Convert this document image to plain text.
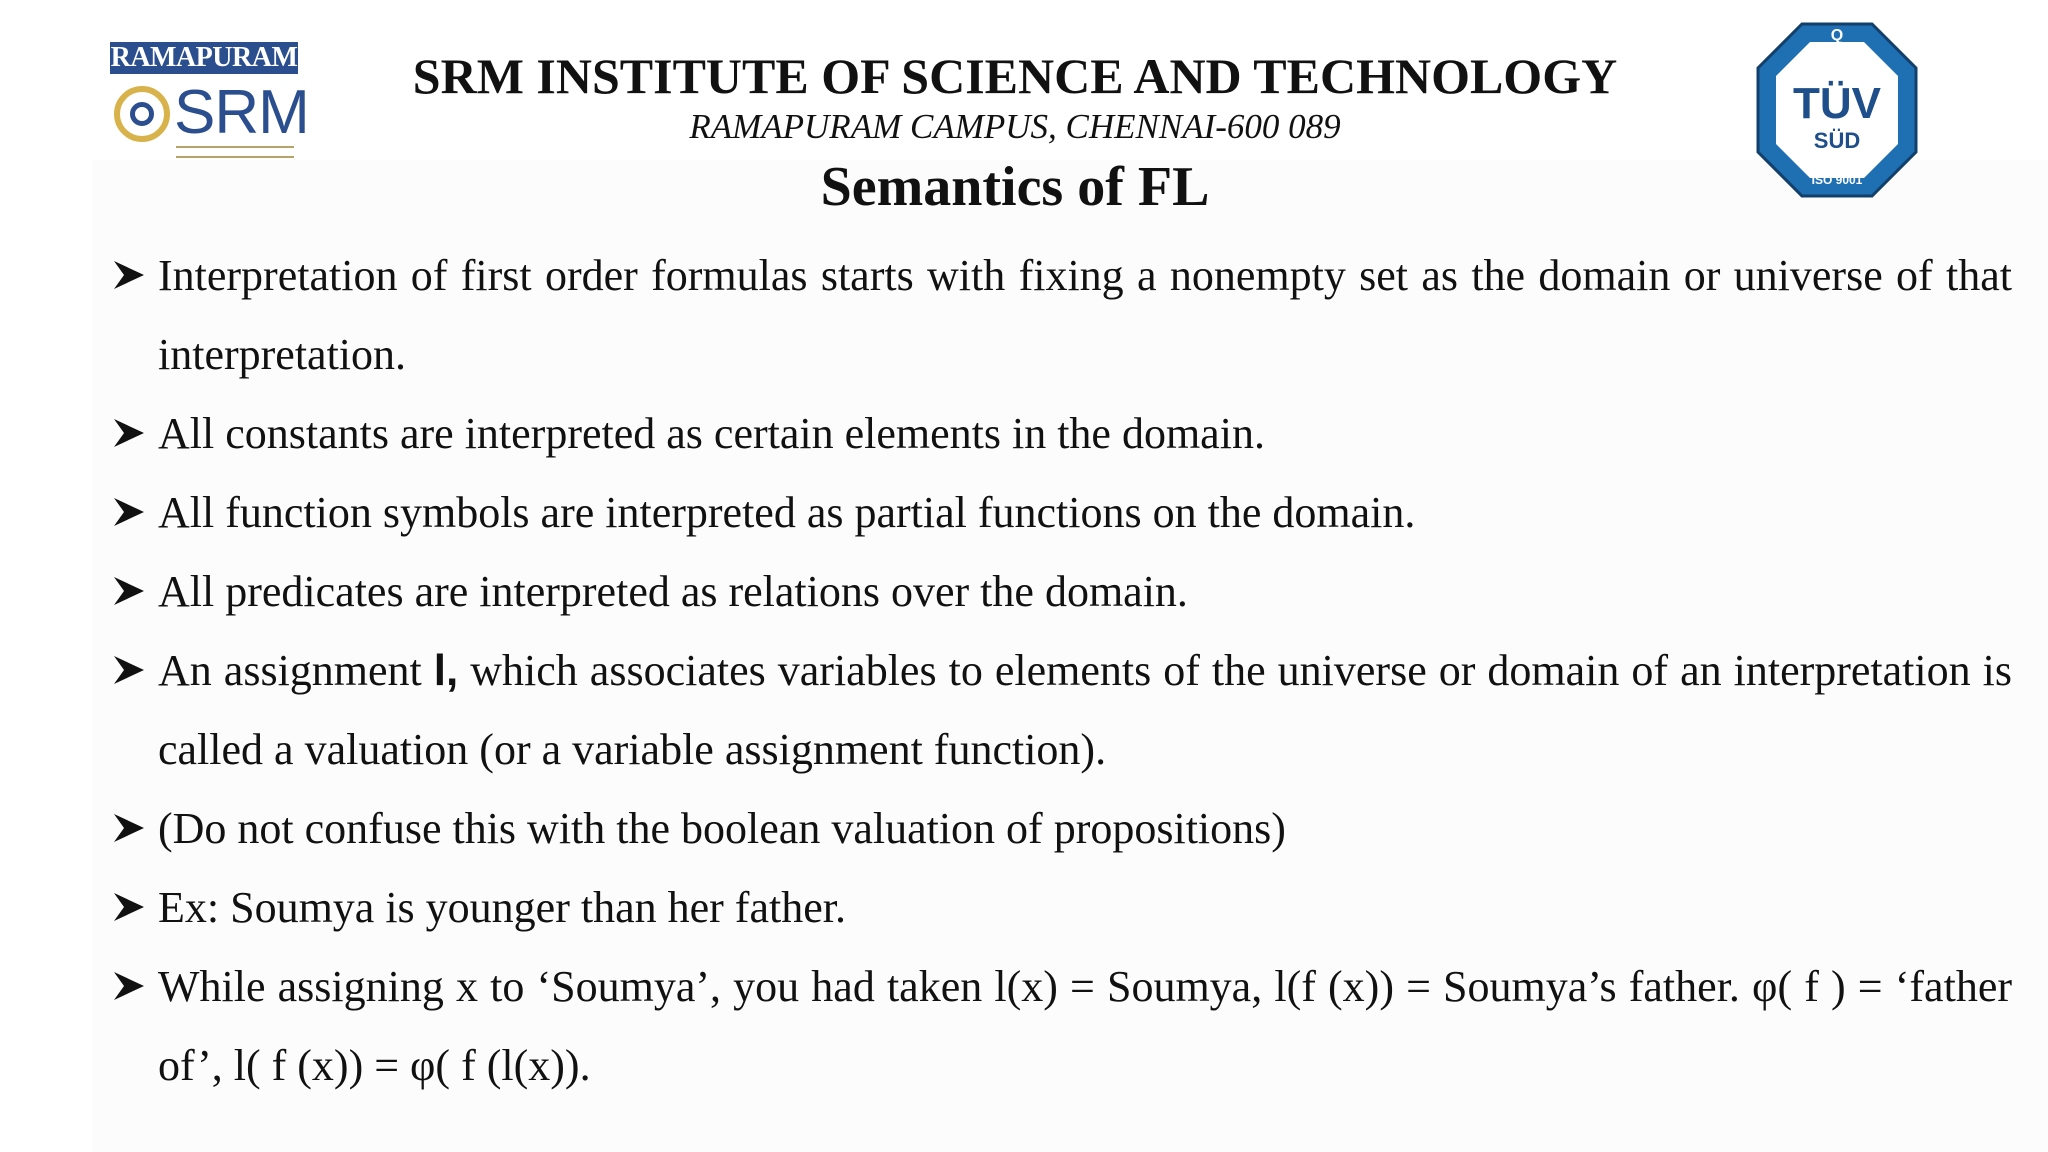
RAMAPURAM
SRM
SRM INSTITUTE OF SCIENCE AND TECHNOLOGY
RAMAPURAM CAMPUS, CHENNAI-600 089
Semantics of FL
Q
TÜV
SÜD
ISO 9001
Interpretation of first order formulas starts with fixing a nonempty set as the domain or universe of that interpretation.
All constants are interpreted as certain elements in the domain.
All function symbols are interpreted as partial functions on the domain.
All predicates are interpreted as relations over the domain.
An assignment l, which associates variables to elements of the universe or domain of an interpretation is called a valuation (or a variable assignment function).
(Do not confuse this with the boolean valuation of propositions)
Ex: Soumya is younger than her father.
While assigning x to ‘Soumya’, you had taken l(x) = Soumya, l(f (x)) = Soumya’s father. φ( f ) = ‘father of’, l( f (x)) = φ( f (l(x)).
